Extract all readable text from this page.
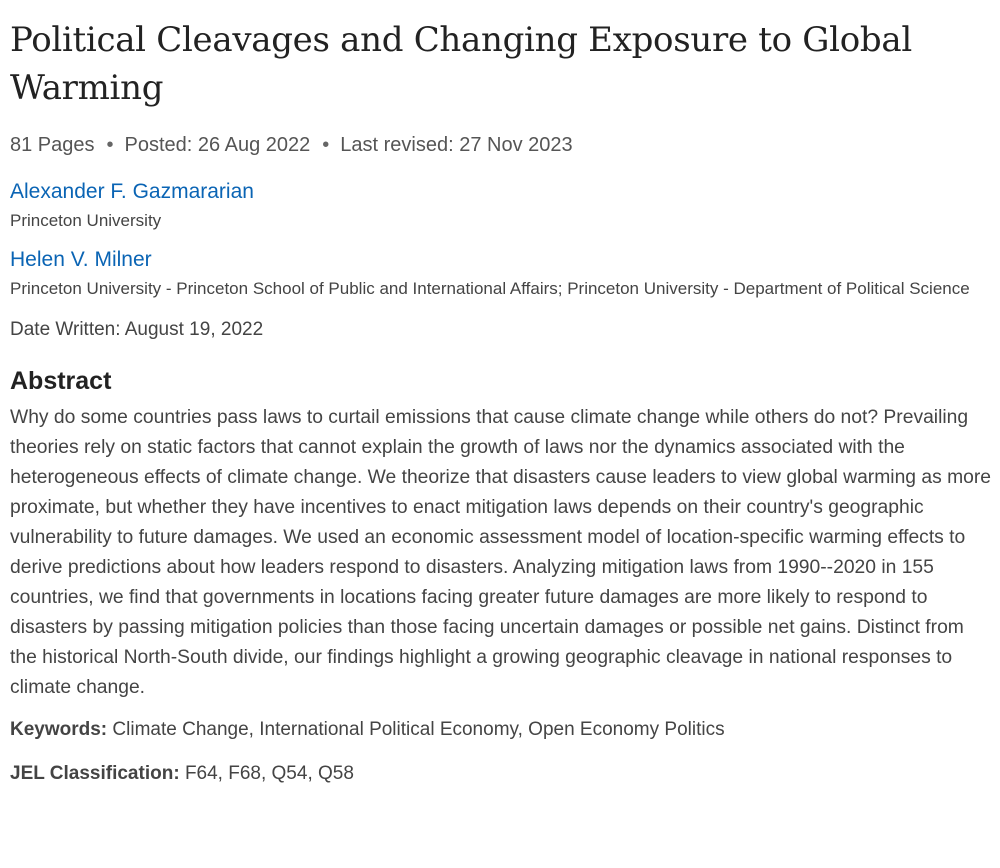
Political Cleavages and Changing Exposure to Global Warming
81 Pages • Posted: 26 Aug 2022 • Last revised: 27 Nov 2023
Alexander F. Gazmararian
Princeton University
Helen V. Milner
Princeton University - Princeton School of Public and International Affairs; Princeton University - Department of Political Science
Date Written: August 19, 2022
Abstract

Why do some countries pass laws to curtail emissions that cause climate change while others do not? Prevailing theories rely on static factors that cannot explain the growth of laws nor the dynamics associated with the heterogeneous effects of climate change. We theorize that disasters cause leaders to view global warming as more proximate, but whether they have incentives to enact mitigation laws depends on their country's geographic vulnerability to future damages. We used an economic assessment model of location-specific warming effects to derive predictions about how leaders respond to disasters. Analyzing mitigation laws from 1990--2020 in 155 countries, we find that governments in locations facing greater future damages are more likely to respond to disasters by passing mitigation policies than those facing uncertain damages or possible net gains. Distinct from the historical North-South divide, our findings highlight a growing geographic cleavage in national responses to climate change.

Keywords: Climate Change, International Political Economy, Open Economy Politics
JEL Classification: F64, F68, Q54, Q58
